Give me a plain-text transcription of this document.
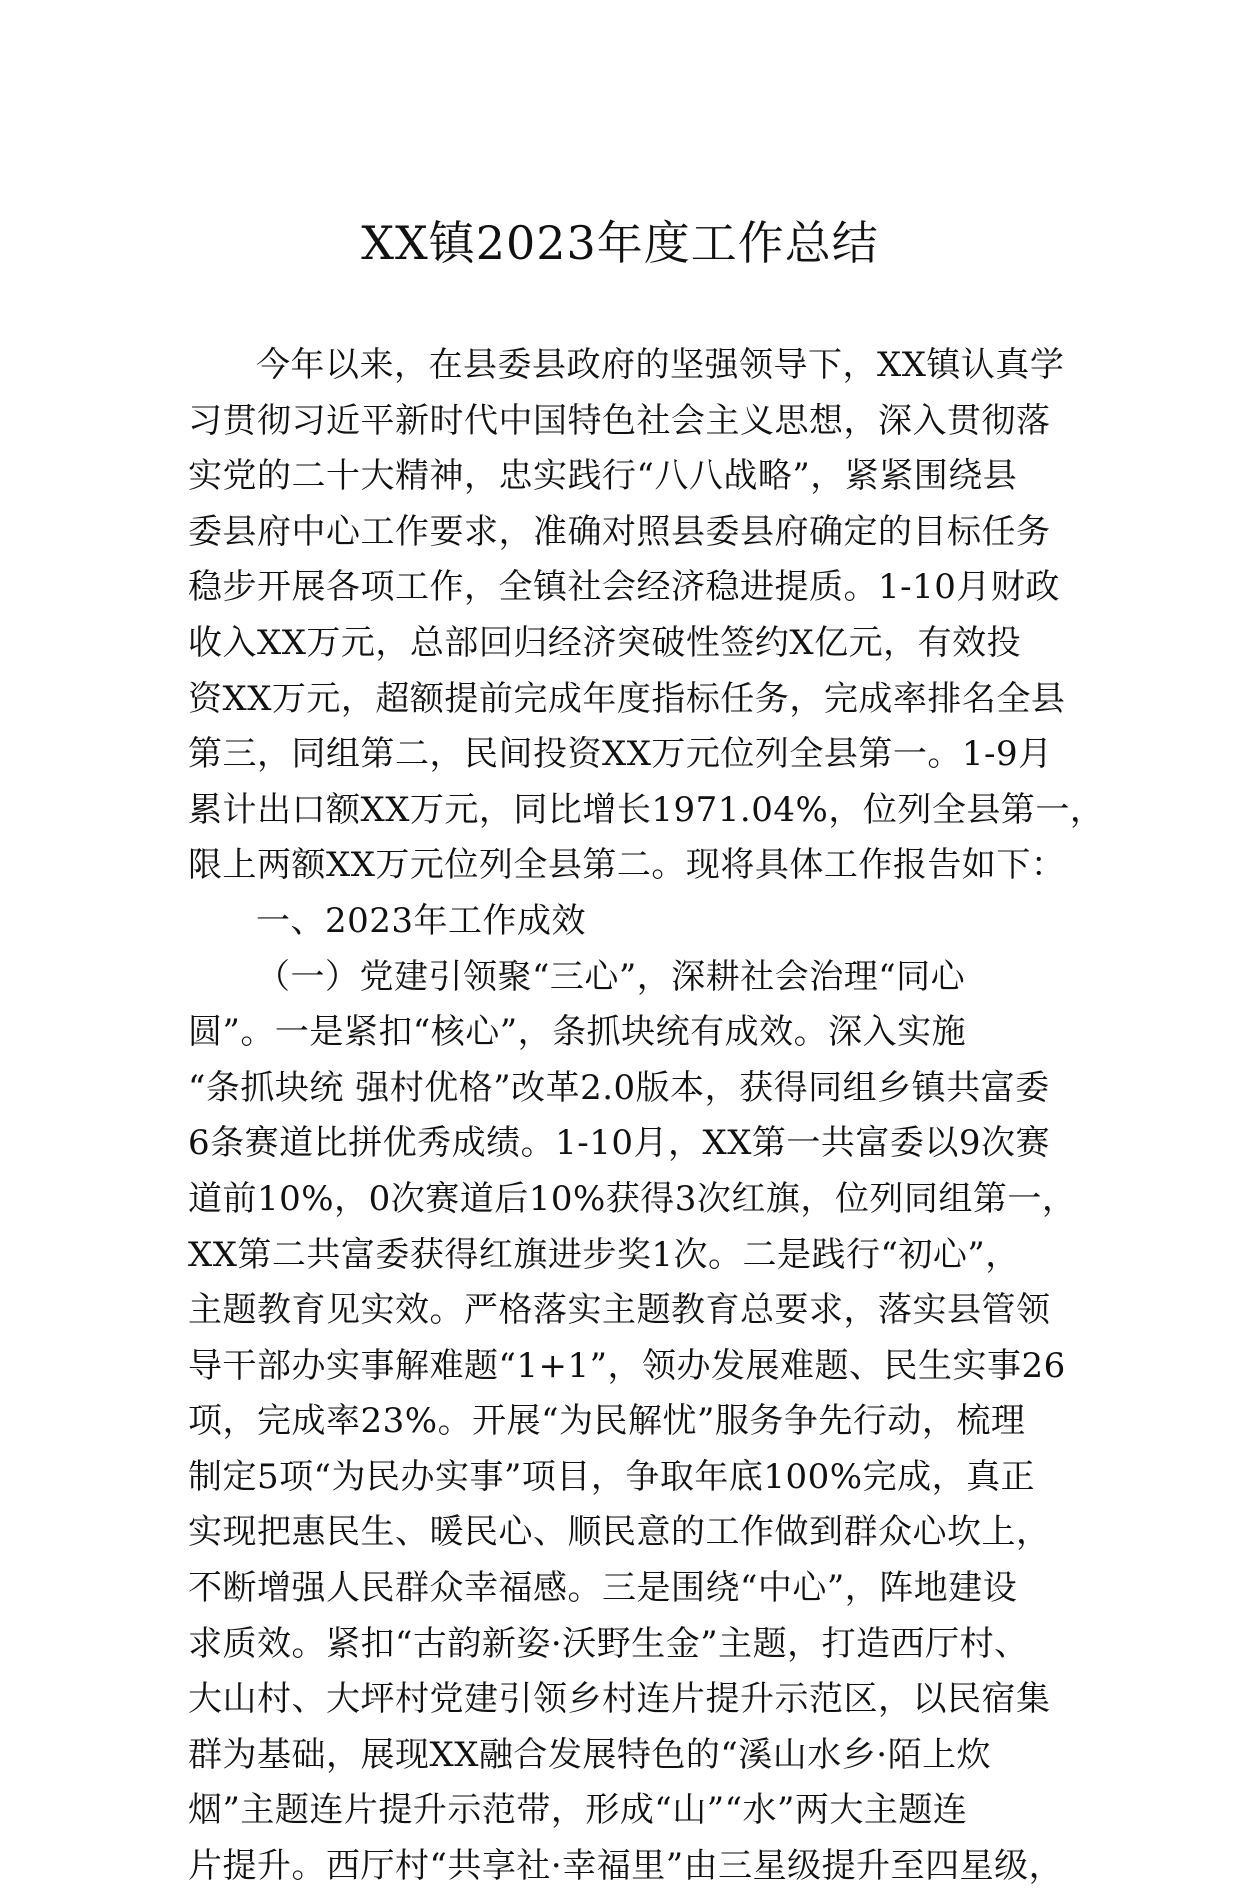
XX镇2023年度工作总结
今年以来，在县委县政府的坚强领导下，XX镇认真学
习贯彻习近平新时代中国特色社会主义思想，深入贯彻落
实党的二十大精神，忠实践行“八八战略”，紧紧围绕县
委县府中心工作要求，准确对照县委县府确定的目标任务
稳步开展各项工作，全镇社会经济稳进提质。1-10月财政
收入XX万元，总部回归经济突破性签约X亿元，有效投
资XX万元，超额提前完成年度指标任务，完成率排名全县
第三，同组第二，民间投资XX万元位列全县第一。1-9月
累计出口额XX万元，同比增长1971.04%，位列全县第一，
限上两额XX万元位列全县第二。现将具体工作报告如下：
一、2023年工作成效
（一）党建引领聚“三心”，深耕社会治理“同心
圆”。一是紧扣“核心”，条抓块统有成效。深入实施
“条抓块统 强村优格”改革2.0版本，获得同组乡镇共富委
6条赛道比拼优秀成绩。1-10月，XX第一共富委以9次赛
道前10%，0次赛道后10%获得3次红旗，位列同组第一，
XX第二共富委获得红旗进步奖1次。二是践行“初心”，
主题教育见实效。严格落实主题教育总要求，落实县管领
导干部办实事解难题“1+1”，领办发展难题、民生实事26
项，完成率23%。开展“为民解忧”服务争先行动，梳理
制定5项“为民办实事”项目，争取年底100%完成，真正
实现把惠民生、暖民心、顺民意的工作做到群众心坎上，
不断增强人民群众幸福感。三是围绕“中心”，阵地建设
求质效。紧扣“古韵新姿·沃野生金”主题，打造西厅村、
大山村、大坪村党建引领乡村连片提升示范区，以民宿集
群为基础，展现XX融合发展特色的“溪山水乡·陌上炊
烟”主题连片提升示范带，形成“山”“水”两大主题连
片提升。西厅村“共享社·幸福里”由三星级提升至四星级，
